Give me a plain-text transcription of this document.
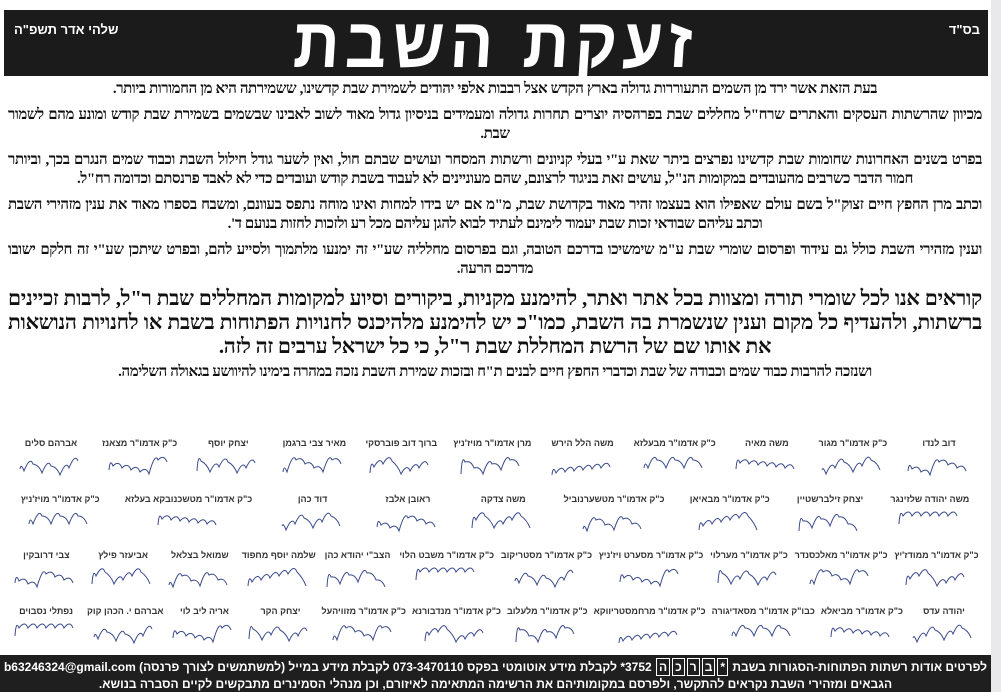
בס"ד
זעקת השבת
שלהי אדר תשפ"ה

בעת הזאת אשר ירד מן השמים התעוררות גדולה בארץ הקדש אצל רבבות אלפי יהודים לשמירת שבת קדשינו, ששמירתה היא מן החמורות ביותר.

מכיוון שהרשתות העסקים והאתרים שרח"ל מחללים שבת בפרהסיה יוצרים תחרות גדולה ומעמידים בניסיון גדול מאוד לשוב לאבינו שבשמים בשמירת שבת קודש ומונע מהם לשמור שבת.

בפרט בשנים האחרונות שחומות שבת קדשינו נפרצים ביתר שאת ע"י בעלי קניונים ורשתות המסחר ועושים שבתם חול, ואין לשער גודל חילול השבת וכבוד שמים הנגרם בכך, וביותר חמור הדבר כשרבים מהעובדים במקומות הנ"ל, עושים זאת בניגוד לרצונם, שהם מעוניינים לא לעבוד בשבת קודש ועובדים כדי לא לאבד פרנסתם וכדומה רח"ל.

וכתב מרן החפץ חיים זצוק"ל בשם עולם שאפילו הוא בעצמו זהיר מאוד בקדושת שבת, מ"מ אם יש בידו למחות ואינו מוחה נתפס בעוונם, ומשבח בספרו מאוד את ענין מזהירי השבת וכתב עליהם שבודאי זכות שבת יעמוד לימינם לעתיד לבוא להגן עליהם מכל רע ולזכות לחזות בנועם ד'.

וענין מזהירי השבת כולל גם עידוד ופרסום שומרי שבת ע"מ שימשיכו בדרכם הטובה, וגם בפרסום מחלליה שע"י זה ימנעו מלתמוך ולסייע להם, ובפרט שיתכן שע"י זה חלקם ישובו מדרכם הרעה.

קוראים אנו לכל שומרי תורה ומצוות בכל אתר ואתר, להימנע מקניות, ביקורים וסיוע למקומות המחללים שבת ר"ל, לרבות זכיינים ברשתות, ולהעדיף כל מקום וענין שנשמרת בה השבת, כמו"כ יש להימנע מלהיכנס לחנויות הפתוחות בשבת או לחנויות הנושאות את אותו שם של הרשת המחללת שבת ר"ל, כי כל ישראל ערבים זה לזה.

ושנזכה להרבות כבוד שמים וכבודה של שבת וכדברי החפץ חיים לבנים ת"ח ובזכות שמירת השבת נזכה במהרה בימינו להיוושע בגאולה השלימה.

דוב לנדו
כ"ק אדמו"ר מגור
משה מאיה
כ"ק אדמו"ר מבעלזא
משה הלל הירש
מרן אדמו"ר מויז'ניץ
ברוך דוב פוברסקי
מאיר צבי ברגמן
יצחק יוסף
כ"ק אדמו"ר מצאנז
אברהם סלים
משה יהודה שלזינגר
יצחק זילברשטיין
כ"ק אדמו"ר מבאיאן
כ"ק אדמו"ר מטשערנוביל
משה צדקה
ראובן אלבז
דוד כהן
כ"ק אדמו"ר מטשכנובקא בעלזא
כ"ק אדמו"ר מויז'ניץ
כ"ק אדמו"ר ממודז'יץ
כ"ק אדמו"ר מאלכסנדר
כ"ק אדמו"ר מערלוי
כ"ק אדמו"ר מסערט ויז'ניץ
כ"ק אדמו"ר מסטריקוב
כ"ק אדמו"ר משבט הלוי
הצב"י יהודא כהן
שלמה יוסף מחפוד
שמואל בצלאל
אביעזר פילץ
צבי דרובקין
יהודה עדס
כ"ק אדמו"ר מביאלא
כבו"ק אדמו"ר מסאדיגורה
כ"ק אדמו"ר מרחמסטריווקא
כ"ק אדמו"ר מלעלוב
כ"ק אדמו"ר מנדבורנא
כ"ק אדמו"ר מזוויהעל
יצחק הקר
אריה ליב לוי
אברהם י. הכהן קוק
נפתלי נסבוים
לפרטים אודות רשתות הפתוחות-הסגורות בשבת *ברכה 3752* לקבלת מידע אוטומטי בפקס 073-3470110 לקבלת מידע במייל (למשתמשים לצורך פרנסה) b63246324@gmail.com
הגבאים ומזהירי השבת נקראים להתקשר, ולפרסם במקומותיהם את הרשימה המתאימה לאיזורם, וכן מנהלי הסמינרים מתבקשים לקיים הסברה בנושא.
